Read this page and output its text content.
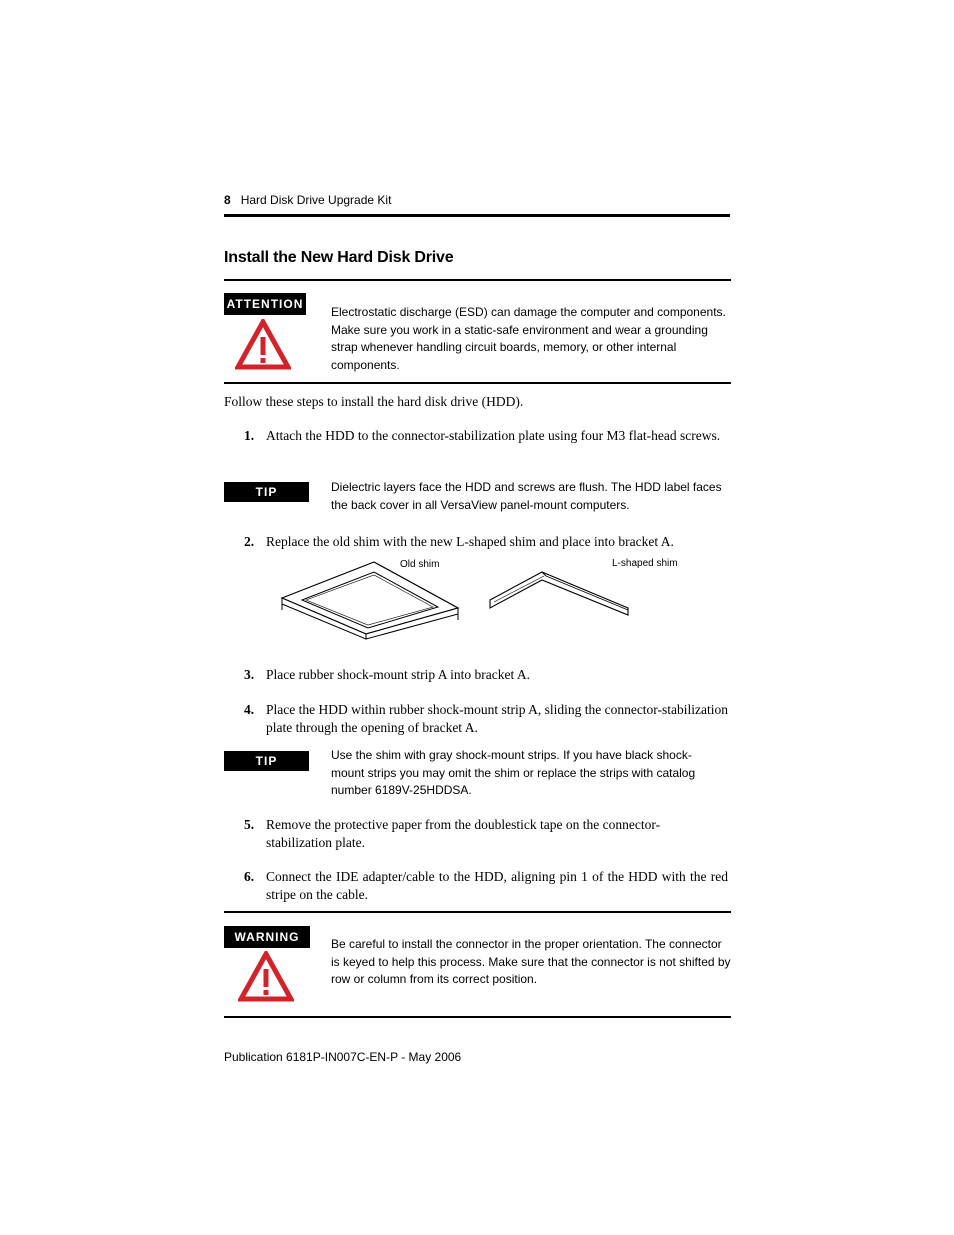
8 Hard Disk Drive Upgrade Kit
Install the New Hard Disk Drive
ATTENTION
Electrostatic discharge (ESD) can damage the computer and components. Make sure you work in a static-safe environment and wear a grounding strap whenever handling circuit boards, memory, or other internal components.
Follow these steps to install the hard disk drive (HDD).
1. Attach the HDD to the connector-stabilization plate using four M3 flat-head screws.
TIP	Dielectric layers face the HDD and screws are flush. The HDD label faces the back cover in all VersaView panel-mount computers.
2. Replace the old shim with the new L-shaped shim and place into bracket A.
Old shim	L-shaped shim
3. Place rubber shock-mount strip A into bracket A.
4. Place the HDD within rubber shock-mount strip A, sliding the connector-stabilization plate through the opening of bracket A.
TIP	Use the shim with gray shock-mount strips. If you have black shock-mount strips you may omit the shim or replace the strips with catalog number 6189V-25HDDSA.
5. Remove the protective paper from the doublestick tape on the connector-stabilization plate.
6. Connect the IDE adapter/cable to the HDD, aligning pin 1 of the HDD with the red stripe on the cable.
WARNING	Be careful to install the connector in the proper orientation. The connector is keyed to help this process. Make sure that the connector is not shifted by row or column from its correct position.
Publication 6181P-IN007C-EN-P - May 2006
